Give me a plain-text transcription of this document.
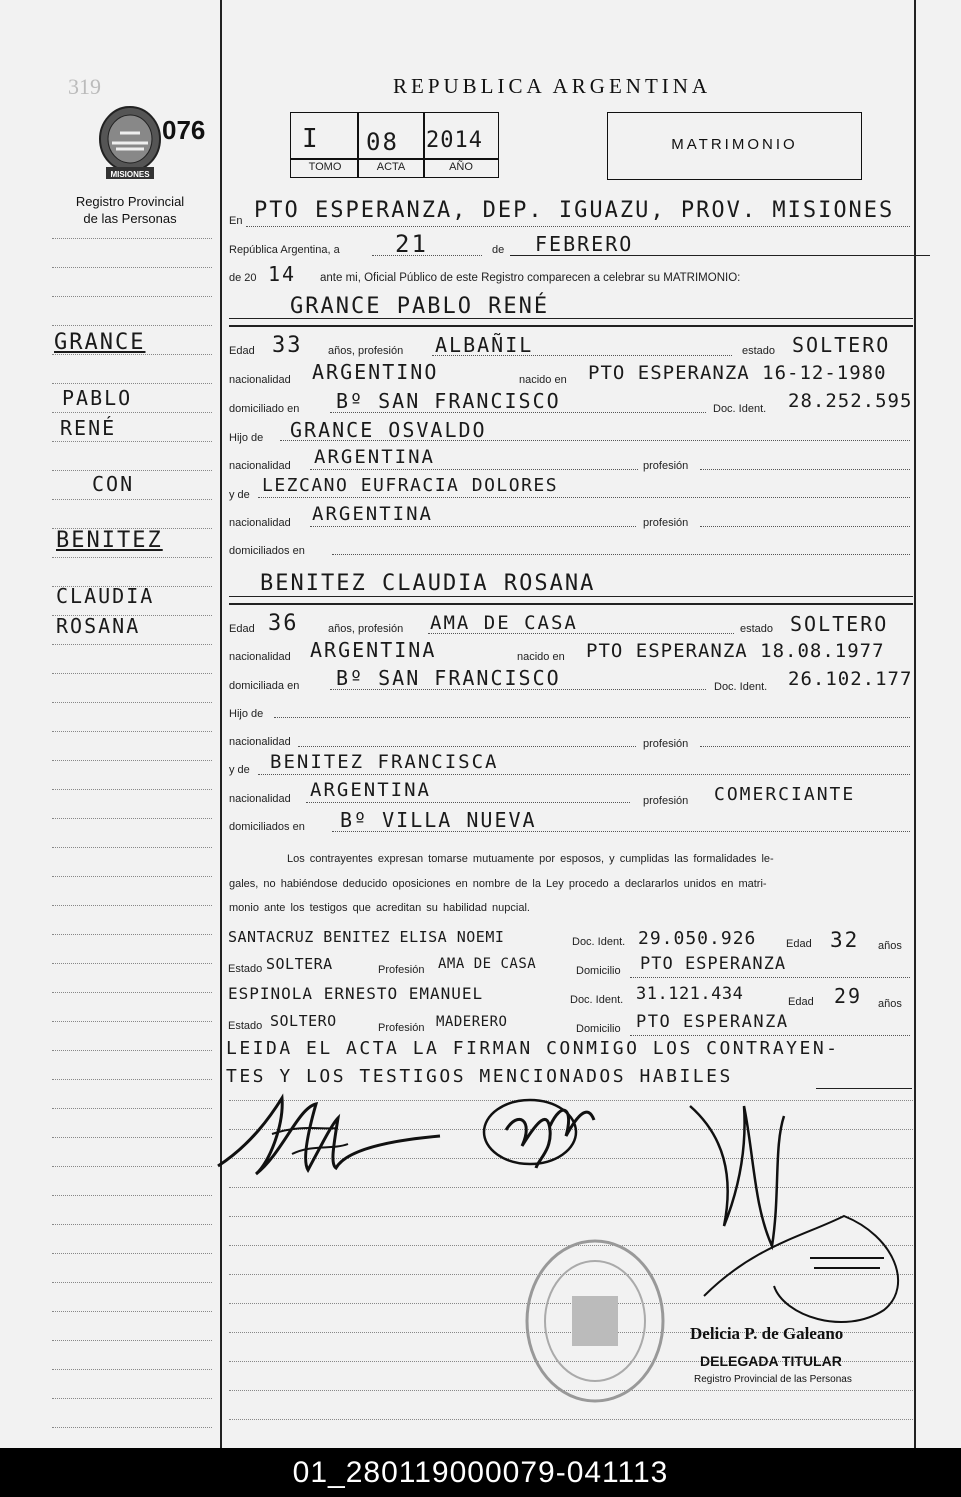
319
MISIONES
076
Registro Provincial
de las Personas
REPUBLICA ARGENTINA
I 08 2014
TOMO	ACTA	AÑO
MATRIMONIO
GRANCE
PABLO
RENÉ
CON
BENITEZ
CLAUDIA
ROSANA
En PTO ESPERANZA, DEP. IGUAZU, PROV. MISIONES
República Argentina, a 21	de FEBRERO
de 20 14 ante mi, Oficial Público de este Registro comparecen a celebrar su MATRIMONIO:
GRANCE PABLO RENÉ
Edad 33 años, profesión ALBAÑIL	estado SOLTERO
nacionalidad ARGENTINO	nacido en PTO ESPERANZA 16-12-1980
domiciliado en Bº SAN FRANCISCO	Doc. Ident. 28.252.595
Hijo de GRANCE OSVALDO
nacionalidad ARGENTINA	profesión
y de LEZCANO EUFRACIA DOLORES
nacionalidad ARGENTINA	profesión
domiciliados en
BENITEZ CLAUDIA ROSANA
Edad 36	años, profesión AMA DE CASA	estado SOLTERO
nacionalidad ARGENTINA	nacido en PTO ESPERANZA 18.08.1977
domiciliada en Bº SAN FRANCISCO	Doc. Ident. 26.102.177
Hijo de
nacionalidad	profesión
y de BENITEZ FRANCISCA
nacionalidad ARGENTINA	profesión COMERCIANTE
domiciliados en Bº VILLA NUEVA
Los contrayentes expresan tomarse mutuamente por esposos, y cumplidas las formalidades le-
gales, no habiéndose deducido oposiciones en nombre de la Ley procedo a declararlos unidos en matri-
monio ante los testigos que acreditan su habilidad nupcial.
SANTACRUZ BENITEZ ELISA NOEMI	Doc. Ident. 29.050.926	Edad 32 años
Estado SOLTERA	Profesión AMA DE CASA	Domicilio PTO ESPERANZA
ESPINOLA ERNESTO EMANUEL	Doc. Ident. 31.121.434	Edad 29 años
Estado SOLTERO	Profesión MADERERO	Domicilio PTO ESPERANZA
LEIDA EL ACTA LA FIRMAN CONMIGO LOS CONTRAYEN-
TES Y LOS TESTIGOS MENCIONADOS HABILES
Delicia P. de Galeano
DELEGADA TITULAR
Registro Provincial de las Personas
01_280119000079-041113
